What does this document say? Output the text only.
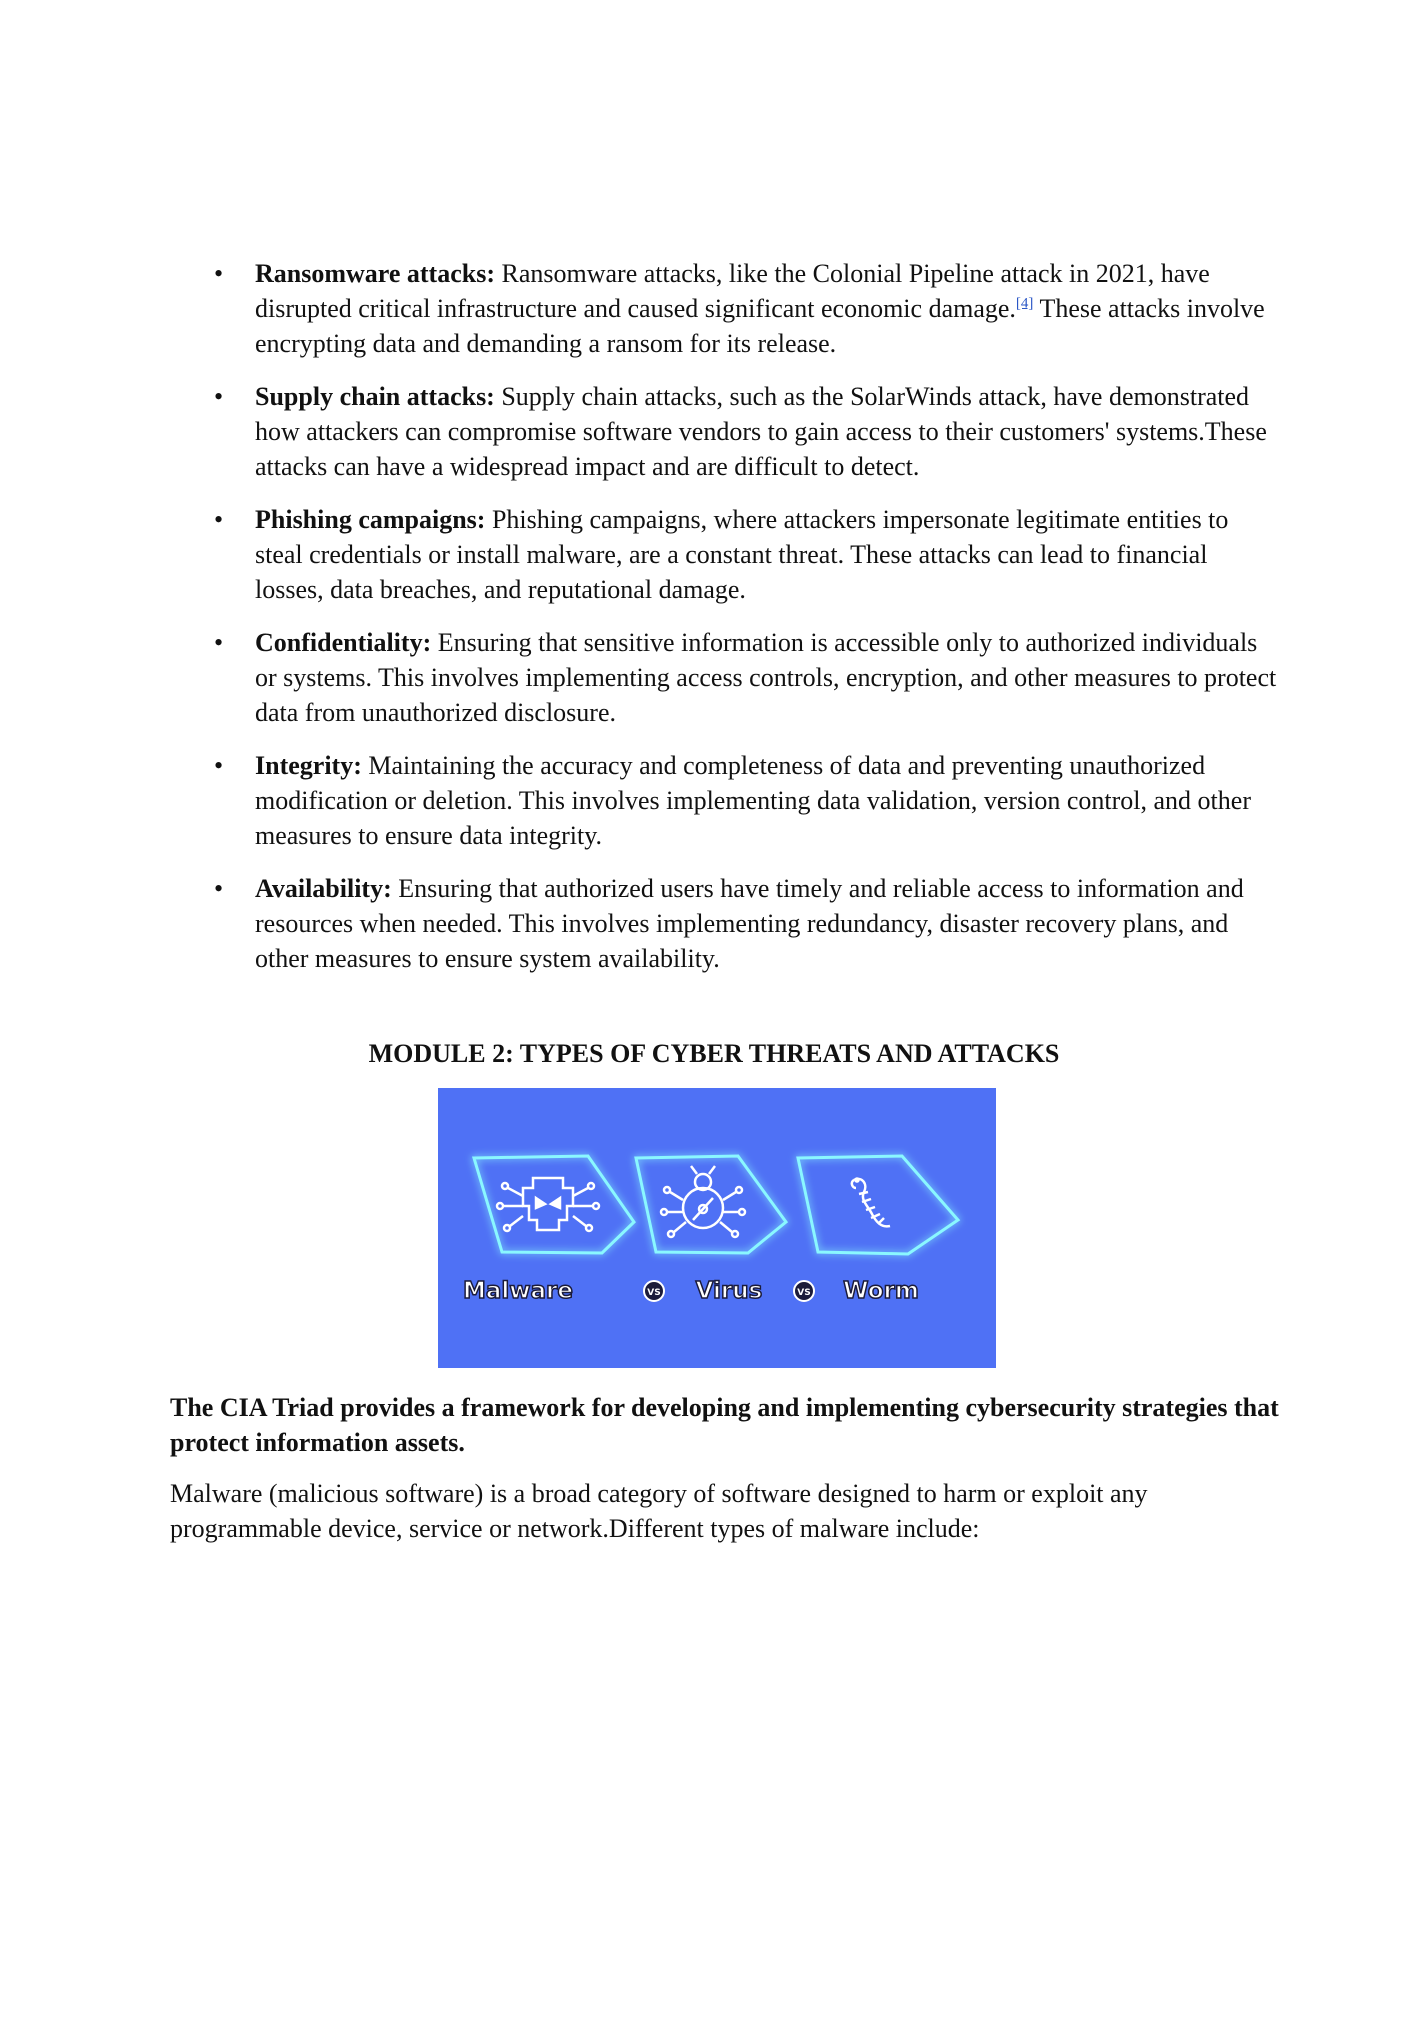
• Ransomware attacks: Ransomware attacks, like the Colonial Pipeline attack in 2021, have disrupted critical infrastructure and caused significant economic damage.[4] These attacks involve encrypting data and demanding a ransom for its release.
• Supply chain attacks: Supply chain attacks, such as the SolarWinds attack, have demonstrated how attackers can compromise software vendors to gain access to their customers' systems.These attacks can have a widespread impact and are difficult to detect.
• Phishing campaigns: Phishing campaigns, where attackers impersonate legitimate entities to steal credentials or install malware, are a constant threat. These attacks can lead to financial losses, data breaches, and reputational damage.
• Confidentiality: Ensuring that sensitive information is accessible only to authorized individuals or systems. This involves implementing access controls, encryption, and other measures to protect data from unauthorized disclosure.
• Integrity: Maintaining the accuracy and completeness of data and preventing unauthorized modification or deletion. This involves implementing data validation, version control, and other measures to ensure data integrity.
• Availability: Ensuring that authorized users have timely and reliable access to information and resources when needed. This involves implementing redundancy, disaster recovery plans, and other measures to ensure system availability.
MODULE 2: TYPES OF CYBER THREATS AND ATTACKS
Malware	VS Virus	VS Worm

The CIA Triad provides a framework for developing and implementing cybersecurity strategies that protect information assets.

Malware (malicious software) is a broad category of software designed to harm or exploit any programmable device, service or network.Different types of malware include:
